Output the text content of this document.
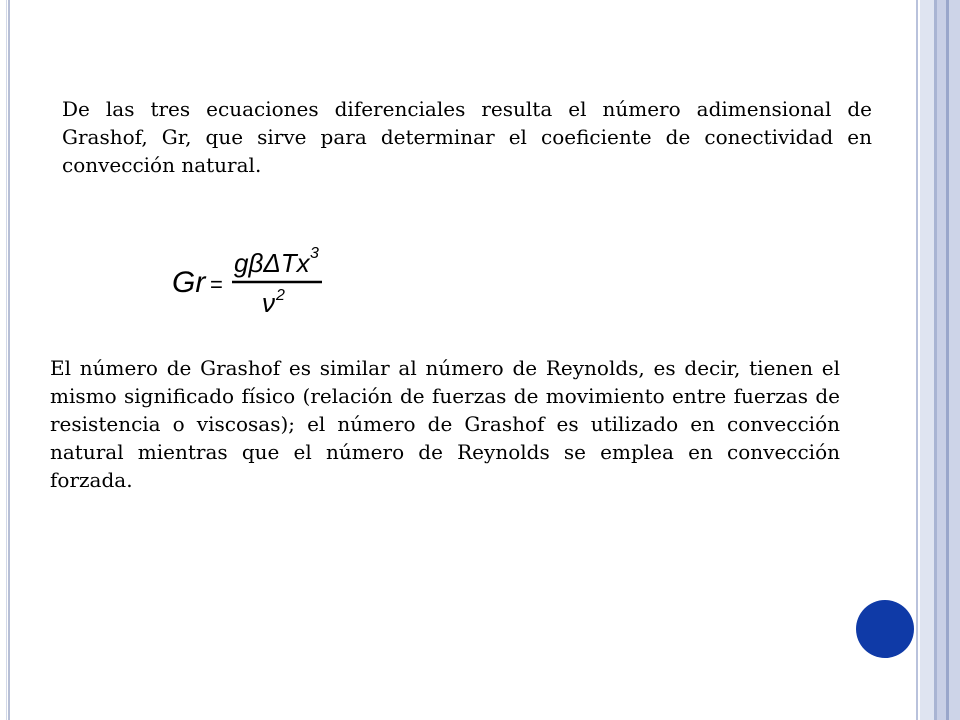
De las tres ecuaciones diferenciales resulta el número adimensional de Grashof, Gr, que sirve para determinar el coeficiente de conectividad en convección natural.

Gr =
gβΔTx 3
ν 2

El número de Grashof es similar al número de Reynolds, es decir, tienen el mismo significado físico (relación de fuerzas de movimiento entre fuerzas de resistencia o viscosas); el número de Grashof es utilizado en convección natural mientras que el número de Reynolds se emplea en convección forzada.
